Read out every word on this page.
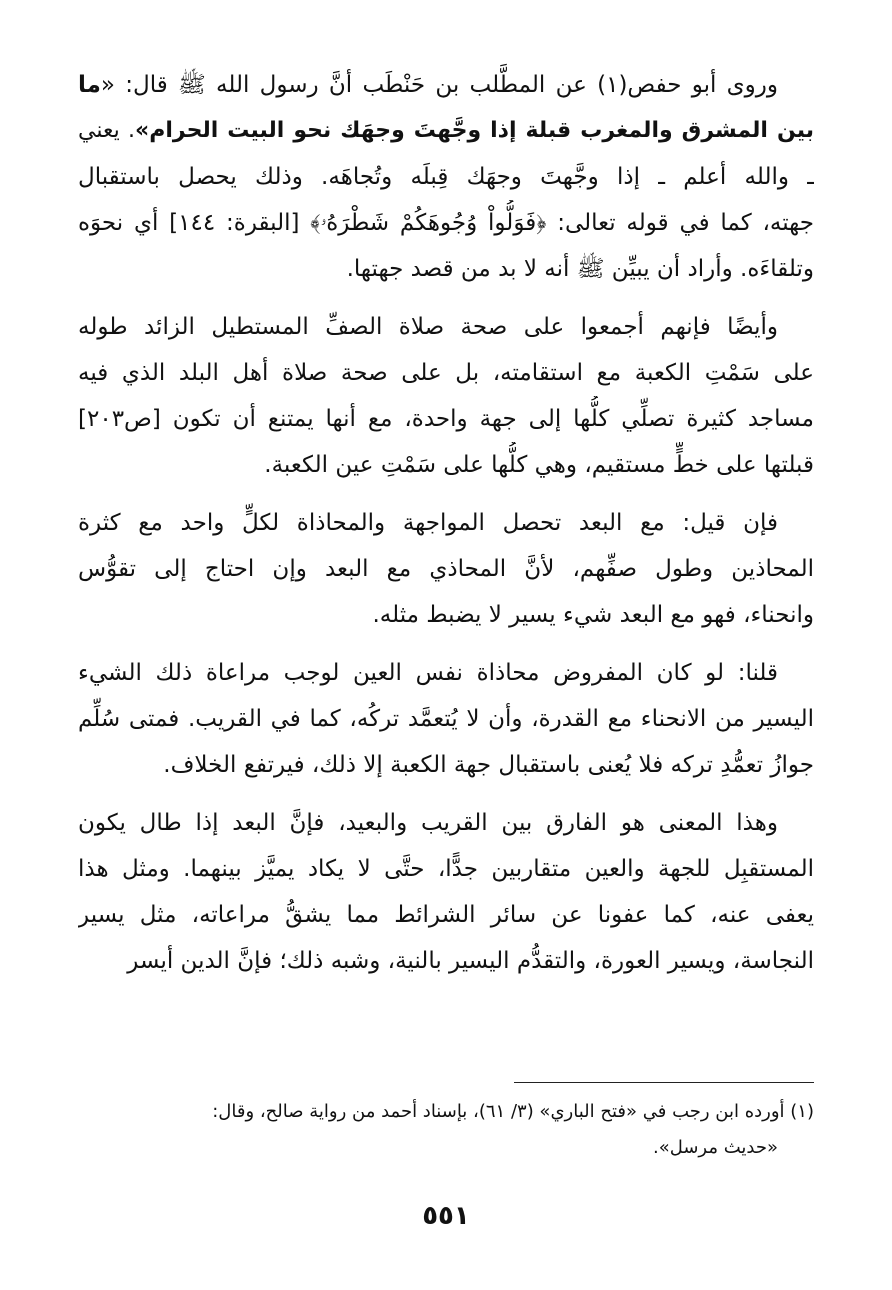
وروى أبو حفص(١) عن المطَّلب بن حَنْطَب أنَّ رسول الله ﷺ قال: «ما
بين المشرق والمغرب قبلة إذا وجَّهتَ وجهَك نحو البيت الحرام». يعني
ـ والله أعلم ـ إذا وجَّهتَ وجهَك قِبلَه وتُجاهَه. وذلك يحصل باستقبال
جهته، كما في قوله تعالى: ﴿فَوَلُّواْ وُجُوهَكُمْ شَطْرَهُۥ﴾ [البقرة: ١٤٤] أي نحوَه
وتلقاءَه. وأراد أن يبيِّن ﷺ أنه لا بد من قصد جهتها.
وأيضًا فإنهم أجمعوا على صحة صلاة الصفِّ المستطيل الزائد طوله
على سَمْتِ الكعبة مع استقامته، بل على صحة صلاة أهل البلد الذي فيه
مساجد كثيرة تصلِّي كلُّها إلى جهة واحدة، مع أنها يمتنع أن تكون [ص٢٠٣]
قبلتها على خطٍّ مستقيم، وهي كلُّها على سَمْتِ عين الكعبة.
فإن قيل: مع البعد تحصل المواجهة والمحاذاة لكلٍّ واحد مع كثرة
المحاذين وطول صفِّهم، لأنَّ المحاذي مع البعد وإن احتاج إلى تقوُّس
وانحناء، فهو مع البعد شيء يسير لا يضبط مثله.
قلنا: لو كان المفروض محاذاة نفس العين لوجب مراعاة ذلك الشيء
اليسير من الانحناء مع القدرة، وأن لا يُتعمَّد تركُه، كما في القريب. فمتى سُلِّم
جوازُ تعمُّدِ تركه فلا يُعنى باستقبال جهة الكعبة إلا ذلك، فيرتفع الخلاف.
وهذا المعنى هو الفارق بين القريب والبعيد، فإنَّ البعد إذا طال يكون
المستقبِل للجهة والعين متقاربين جدًّا، حتَّى لا يكاد يميَّز بينهما. ومثل هذا
يعفى عنه، كما عفونا عن سائر الشرائط مما يشقُّ مراعاته، مثل يسير
النجاسة، ويسير العورة، والتقدُّم اليسير بالنية، وشبه ذلك؛ فإنَّ الدين أيسر
(١) أورده ابن رجب في «فتح الباري» (٣/ ٦١)، بإسناد أحمد من رواية صالح، وقال:
«حديث مرسل».
٥٥١
